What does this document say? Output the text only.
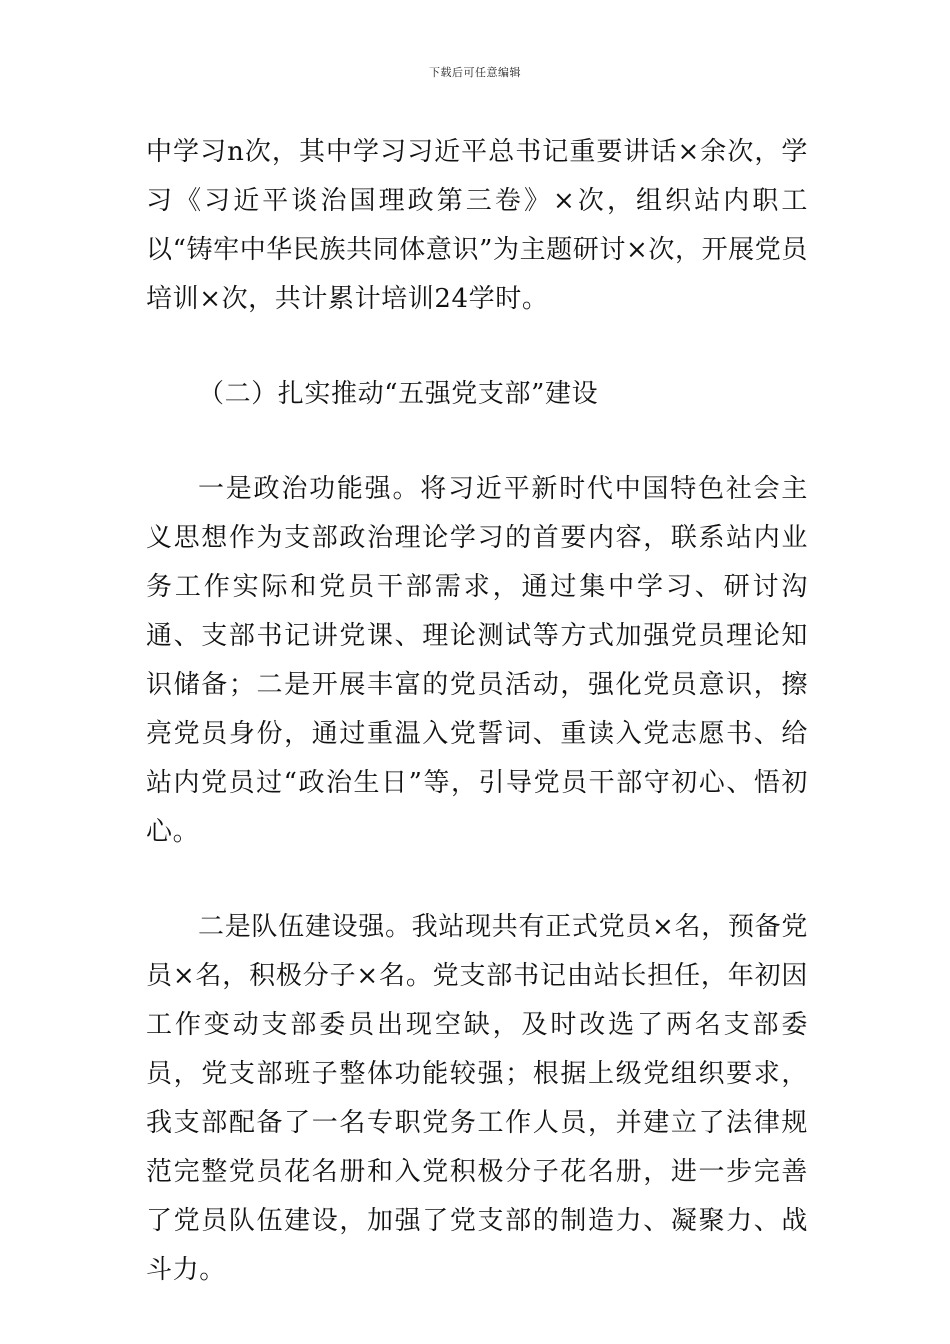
下载后可任意编辑

中学习n次，其中学习习近平总书记重要讲话×余次，学习《习近平谈治国理政第三卷》×次，组织站内职工以“铸牢中华民族共同体意识”为主题研讨×次，开展党员培训×次，共计累计培训24学时。

（二）扎实推动“五强党支部”建设

一是政治功能强。将习近平新时代中国特色社会主义思想作为支部政治理论学习的首要内容，联系站内业务工作实际和党员干部需求，通过集中学习、研讨沟通、支部书记讲党课、理论测试等方式加强党员理论知识储备；二是开展丰富的党员活动，强化党员意识，擦亮党员身份，通过重温入党誓词、重读入党志愿书、给站内党员过“政治生日”等，引导党员干部守初心、悟初心。

二是队伍建设强。我站现共有正式党员×名，预备党员×名，积极分子×名。党支部书记由站长担任，年初因工作变动支部委员出现空缺，及时改选了两名支部委员，党支部班子整体功能较强；根据上级党组织要求，我支部配备了一名专职党务工作人员，并建立了法律规范完整党员花名册和入党积极分子花名册，进一步完善了党员队伍建设，加强了党支部的制造力、凝聚力、战斗力。
